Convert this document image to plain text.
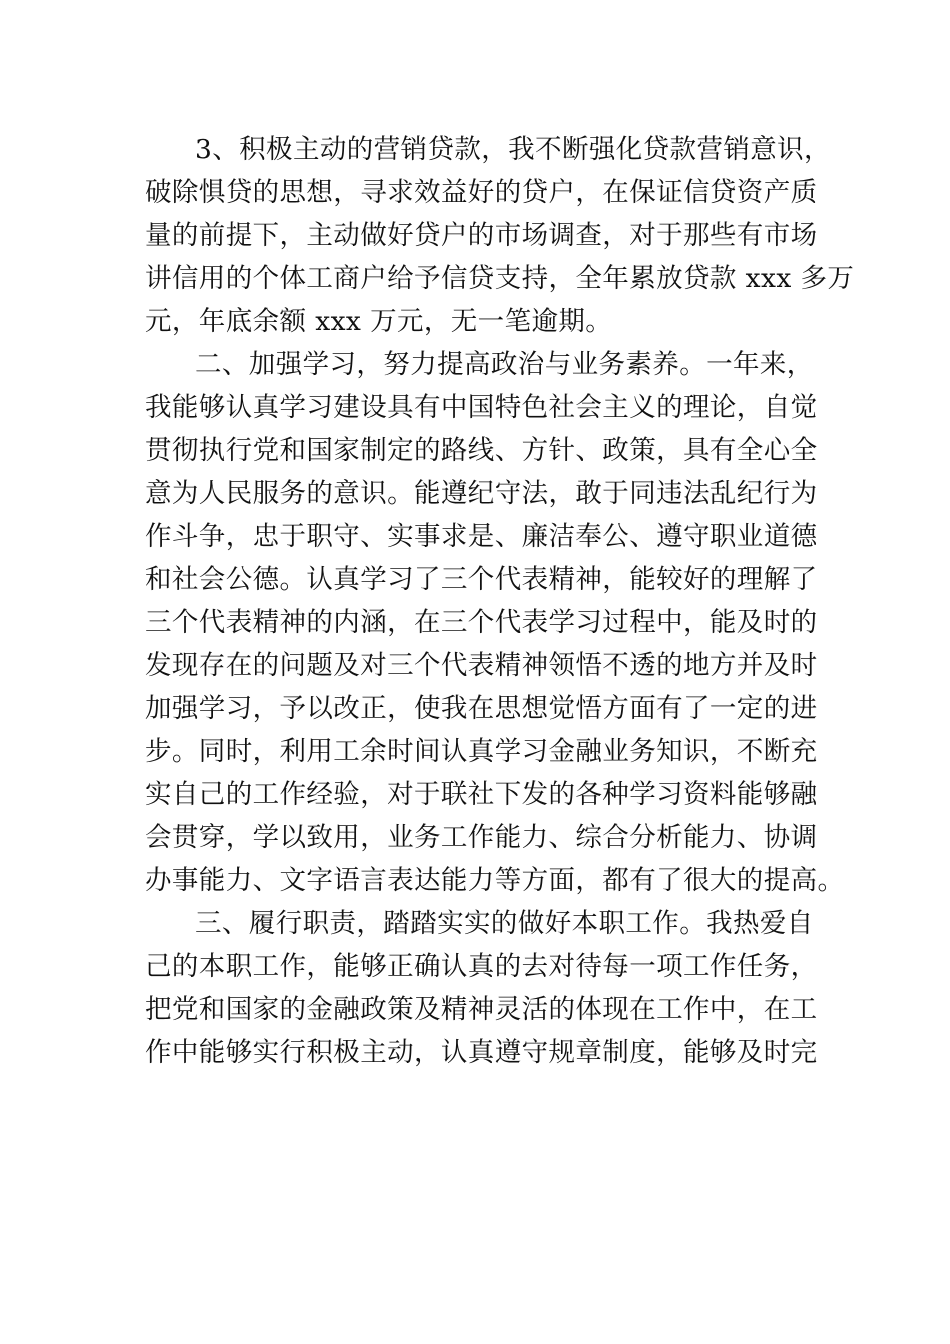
3、积极主动的营销贷款，我不断强化贷款营销意识，
破除惧贷的思想，寻求效益好的贷户，在保证信贷资产质
量的前提下，主动做好贷户的市场调查，对于那些有市场
讲信用的个体工商户给予信贷支持，全年累放贷款 xxx 多万
元，年底余额 xxx 万元，无一笔逾期。
二、加强学习，努力提高政治与业务素养。一年来，
我能够认真学习建设具有中国特色社会主义的理论，自觉
贯彻执行党和国家制定的路线、方针、政策，具有全心全
意为人民服务的意识。能遵纪守法，敢于同违法乱纪行为
作斗争，忠于职守、实事求是、廉洁奉公、遵守职业道德
和社会公德。认真学习了三个代表精神，能较好的理解了
三个代表精神的内涵，在三个代表学习过程中，能及时的
发现存在的问题及对三个代表精神领悟不透的地方并及时
加强学习，予以改正，使我在思想觉悟方面有了一定的进
步。同时，利用工余时间认真学习金融业务知识，不断充
实自己的工作经验，对于联社下发的各种学习资料能够融
会贯穿，学以致用，业务工作能力、综合分析能力、协调
办事能力、文字语言表达能力等方面，都有了很大的提高。
三、履行职责，踏踏实实的做好本职工作。我热爱自
己的本职工作，能够正确认真的去对待每一项工作任务，
把党和国家的金融政策及精神灵活的体现在工作中，在工
作中能够实行积极主动，认真遵守规章制度，能够及时完
